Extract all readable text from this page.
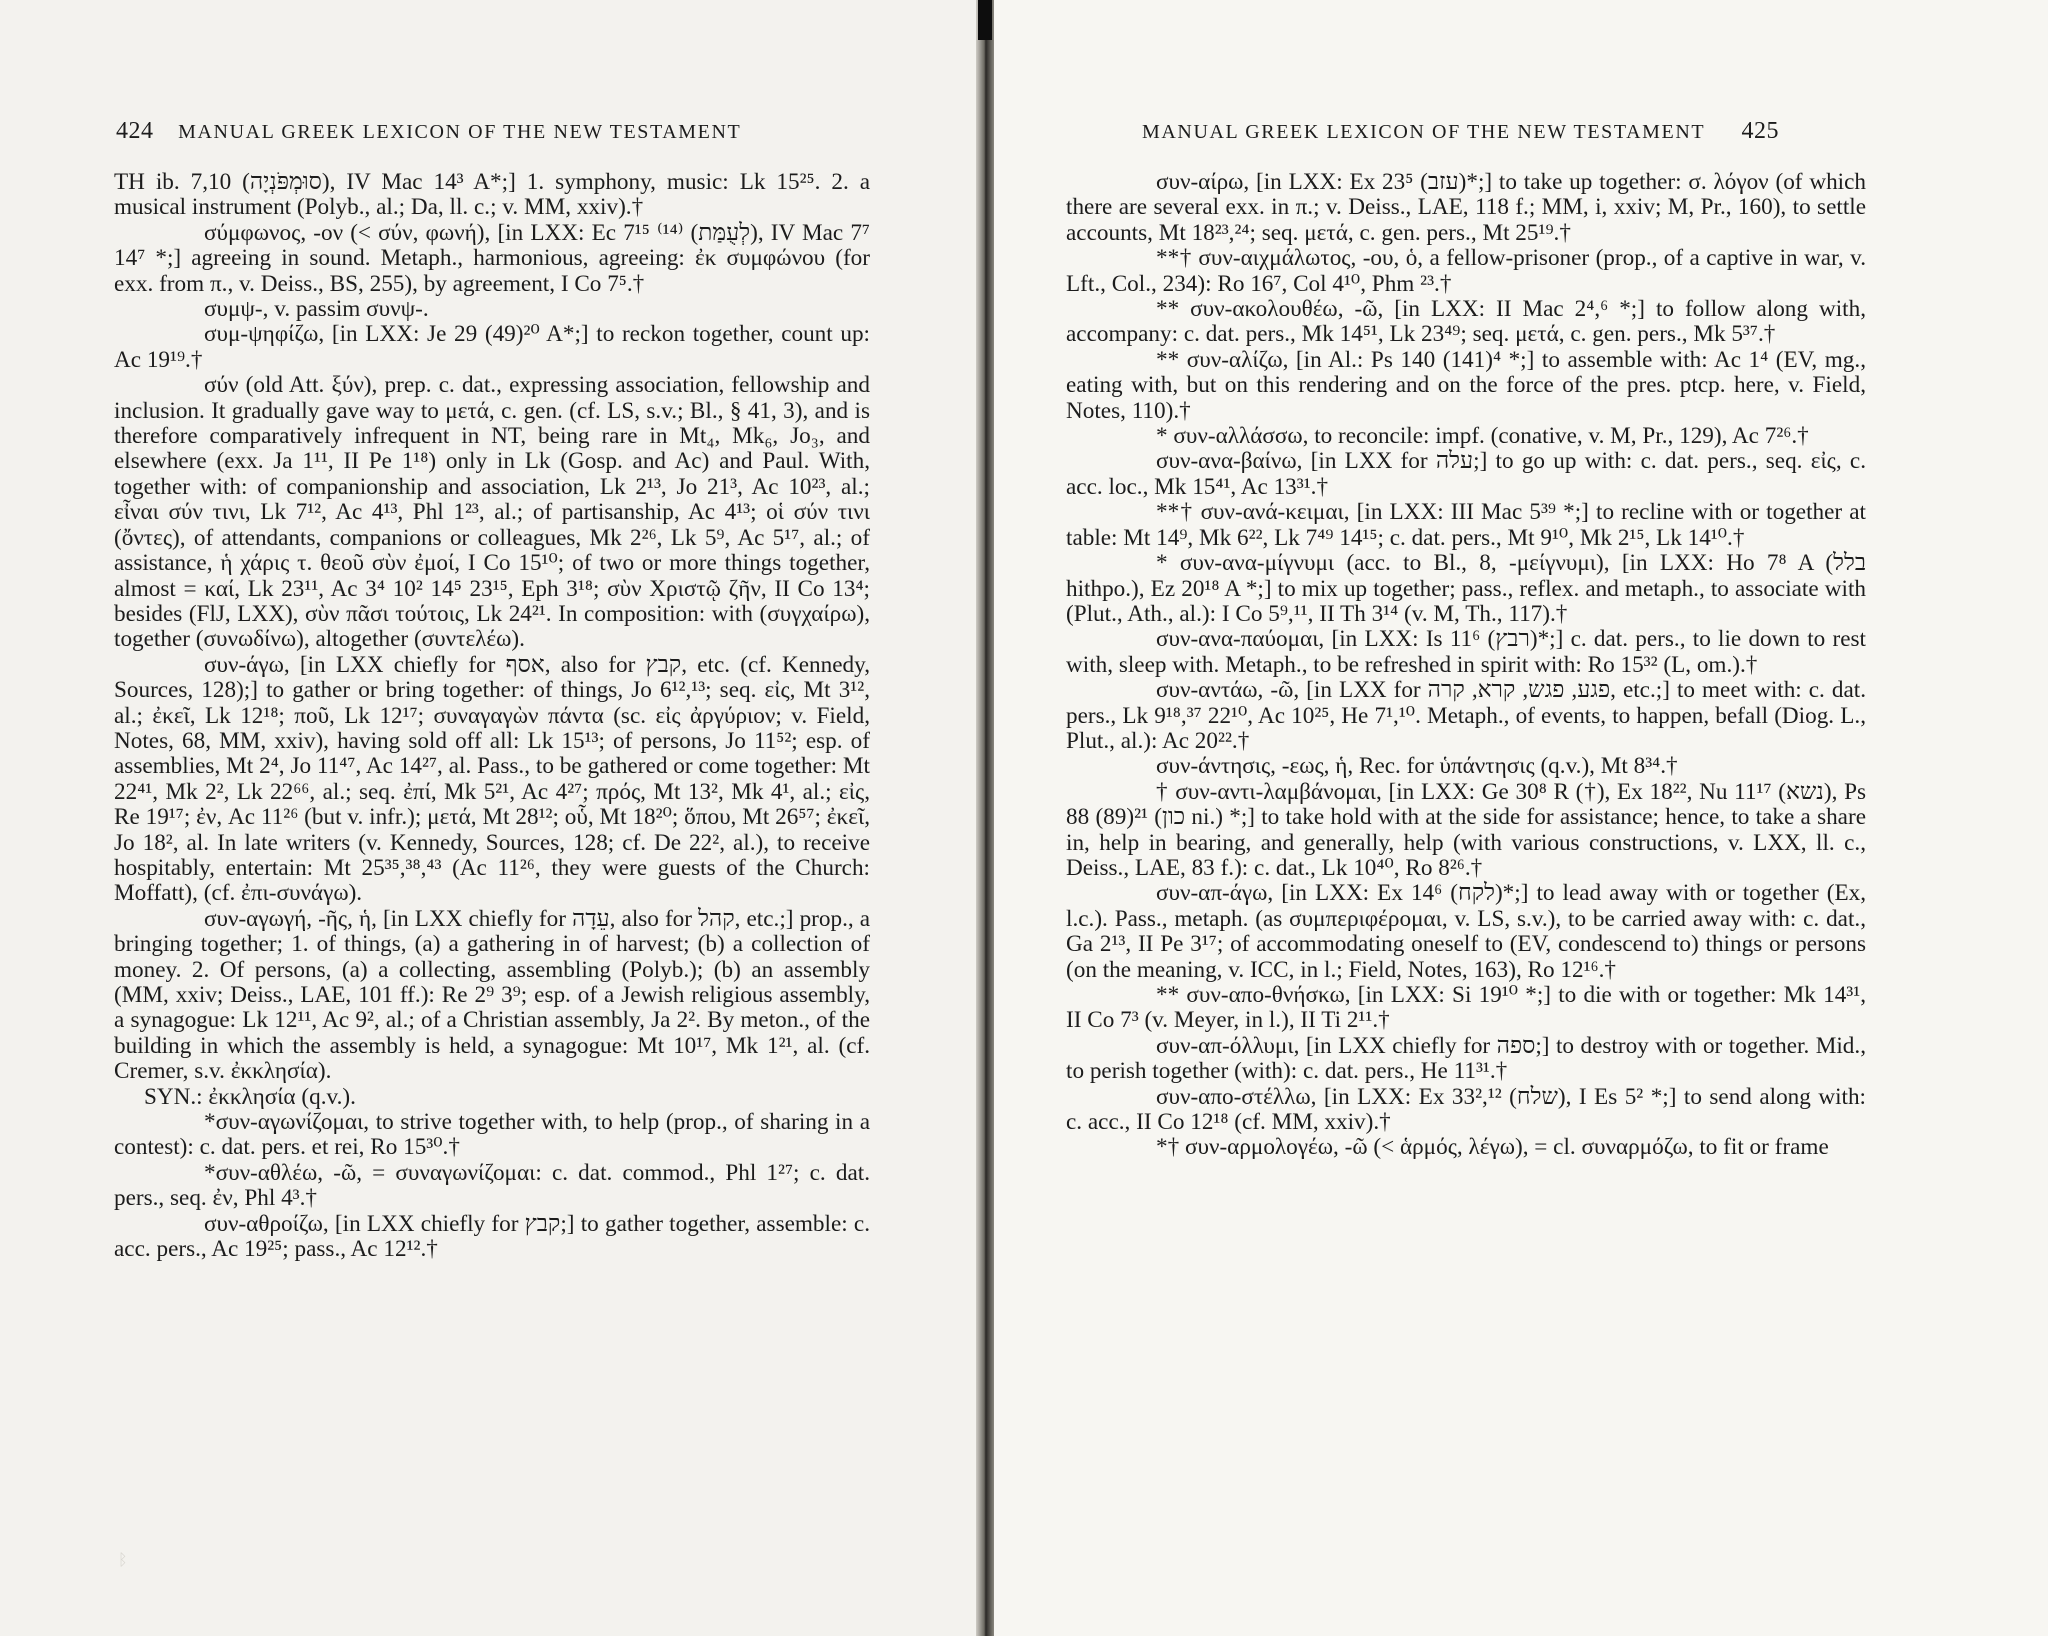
424 MANUAL GREEK LEXICON OF THE NEW TESTAMENT

TH ib. 7,10 (סוּמְפֹּנְיָה), IV Mac 14³ A*;] 1. symphony, music: Lk 15²⁵. 2. a musical instrument (Polyb., al.; Da, ll. c.; v. MM, xxiv).†

σύμφωνος, -ον (< σύν, φωνή), [in LXX: Ec 7¹⁵ ⁽¹⁴⁾ (לְעֻמַּת), IV Mac 7⁷ 14⁷ *;] agreeing in sound. Metaph., harmonious, agreeing: ἐκ συμφώνου (for exx. from π., v. Deiss., BS, 255), by agreement, I Co 7⁵.†

συμψ-, v. passim συνψ-.

συμ-ψηφίζω, [in LXX: Je 29 (49)²⁰ A*;] to reckon together, count up: Ac 19¹⁹.†

σύν (old Att. ξύν), prep. c. dat., expressing association, fellowship and inclusion. It gradually gave way to μετά, c. gen. (cf. LS, s.v.; Bl., § 41, 3), and is therefore comparatively infrequent in NT, being rare in Mt₄, Mk₆, Jo₃, and elsewhere (exx. Ja 1¹¹, II Pe 1¹⁸) only in Lk (Gosp. and Ac) and Paul. With, together with: of companionship and association, Lk 2¹³, Jo 21³, Ac 10²³, al.; εἶναι σύν τινι, Lk 7¹², Ac 4¹³, Phl 1²³, al.; of partisanship, Ac 4¹³; οἱ σύν τινι (ὄντες), of attendants, companions or colleagues, Mk 2²⁶, Lk 5⁹, Ac 5¹⁷, al.; of assistance, ἡ χάρις τ. θεοῦ σὺν ἐμοί, I Co 15¹⁰; of two or more things together, almost = καί, Lk 23¹¹, Ac 3⁴ 10² 14⁵ 23¹⁵, Eph 3¹⁸; σὺν Χριστῷ ζῆν, II Co 13⁴; besides (FlJ, LXX), σὺν πᾶσι τούτοις, Lk 24²¹. In composition: with (συγχαίρω), together (συνωδίνω), altogether (συντελέω).

συν-άγω, [in LXX chiefly for אסף, also for קבץ, etc. (cf. Kennedy, Sources, 128);] to gather or bring together: of things, Jo 6¹²,¹³; seq. εἰς, Mt 3¹², al.; ἐκεῖ, Lk 12¹⁸; ποῦ, Lk 12¹⁷; συναγαγὼν πάντα (sc. εἰς ἀργύριον; v. Field, Notes, 68, MM, xxiv), having sold off all: Lk 15¹³; of persons, Jo 11⁵²; esp. of assemblies, Mt 2⁴, Jo 11⁴⁷, Ac 14²⁷, al. Pass., to be gathered or come together: Mt 22⁴¹, Mk 2², Lk 22⁶⁶, al.; seq. ἐπί, Mk 5²¹, Ac 4²⁷; πρός, Mt 13², Mk 4¹, al.; εἰς, Re 19¹⁷; ἐν, Ac 11²⁶ (but v. infr.); μετά, Mt 28¹²; οὗ, Mt 18²⁰; ὅπου, Mt 26⁵⁷; ἐκεῖ, Jo 18², al. In late writers (v. Kennedy, Sources, 128; cf. De 22², al.), to receive hospitably, entertain: Mt 25³⁵,³⁸,⁴³ (Ac 11²⁶, they were guests of the Church: Moffatt), (cf. ἐπι-συνάγω).

συν-αγωγή, -ῆς, ἡ, [in LXX chiefly for עֵדָה, also for קהל, etc.;] prop., a bringing together; 1. of things, (a) a gathering in of harvest; (b) a collection of money. 2. Of persons, (a) a collecting, assembling (Polyb.); (b) an assembly (MM, xxiv; Deiss., LAE, 101 ff.): Re 2⁹ 3⁹; esp. of a Jewish religious assembly, a synagogue: Lk 12¹¹, Ac 9², al.; of a Christian assembly, Ja 2². By meton., of the building in which the assembly is held, a synagogue: Mt 10¹⁷, Mk 1²¹, al. (cf. Cremer, s.v. ἐκκλησία).

SYN.: ἐκκλησία (q.v.).

*συν-αγωνίζομαι, to strive together with, to help (prop., of sharing in a contest): c. dat. pers. et rei, Ro 15³⁰.†

*συν-αθλέω, -ῶ, = συναγωνίζομαι: c. dat. commod., Phl 1²⁷; c. dat. pers., seq. ἐν, Phl 4³.†

συν-αθροίζω, [in LXX chiefly for קבץ;] to gather together, assemble: c. acc. pers., Ac 19²⁵; pass., Ac 12¹².†

ᛒ
MANUAL GREEK LEXICON OF THE NEW TESTAMENT 425

συν-αίρω, [in LXX: Ex 23⁵ (עזב)*;] to take up together: σ. λόγον (of which there are several exx. in π.; v. Deiss., LAE, 118 f.; MM, i, xxiv; M, Pr., 160), to settle accounts, Mt 18²³,²⁴; seq. μετά, c. gen. pers., Mt 25¹⁹.†

**† συν-αιχμάλωτος, -ου, ὁ, a fellow-prisoner (prop., of a captive in war, v. Lft., Col., 234): Ro 16⁷, Col 4¹⁰, Phm ²³.†

** συν-ακολουθέω, -ῶ, [in LXX: II Mac 2⁴,⁶ *;] to follow along with, accompany: c. dat. pers., Mk 14⁵¹, Lk 23⁴⁹; seq. μετά, c. gen. pers., Mk 5³⁷.†

** συν-αλίζω, [in Al.: Ps 140 (141)⁴ *;] to assemble with: Ac 1⁴ (EV, mg., eating with, but on this rendering and on the force of the pres. ptcp. here, v. Field, Notes, 110).†

* συν-αλλάσσω, to reconcile: impf. (conative, v. M, Pr., 129), Ac 7²⁶.†

συν-ανα-βαίνω, [in LXX for עלה;] to go up with: c. dat. pers., seq. εἰς, c. acc. loc., Mk 15⁴¹, Ac 13³¹.†

**† συν-ανά-κειμαι, [in LXX: III Mac 5³⁹ *;] to recline with or together at table: Mt 14⁹, Mk 6²², Lk 7⁴⁹ 14¹⁵; c. dat. pers., Mt 9¹⁰, Mk 2¹⁵, Lk 14¹⁰.†

* συν-ανα-μίγνυμι (acc. to Bl., 8, -μείγνυμι), [in LXX: Ho 7⁸ A (בלל hithpo.), Ez 20¹⁸ A *;] to mix up together; pass., reflex. and metaph., to associate with (Plut., Ath., al.): I Co 5⁹,¹¹, II Th 3¹⁴ (v. M, Th., 117).†

συν-ανα-παύομαι, [in LXX: Is 11⁶ (רבץ)*;] c. dat. pers., to lie down to rest with, sleep with. Metaph., to be refreshed in spirit with: Ro 15³² (L, om.).†

συν-αντάω, -ῶ, [in LXX for פגע, פגש, קרא, קרה, etc.;] to meet with: c. dat. pers., Lk 9¹⁸,³⁷ 22¹⁰, Ac 10²⁵, He 7¹,¹⁰. Metaph., of events, to happen, befall (Diog. L., Plut., al.): Ac 20²².†

συν-άντησις, -εως, ἡ, Rec. for ὑπάντησις (q.v.), Mt 8³⁴.†

† συν-αντι-λαμβάνομαι, [in LXX: Ge 30⁸ R (†), Ex 18²², Nu 11¹⁷ (נשא), Ps 88 (89)²¹ (כון ni.) *;] to take hold with at the side for assistance; hence, to take a share in, help in bearing, and generally, help (with various constructions, v. LXX, ll. c., Deiss., LAE, 83 f.): c. dat., Lk 10⁴⁰, Ro 8²⁶.†

συν-απ-άγω, [in LXX: Ex 14⁶ (לקח)*;] to lead away with or together (Ex, l.c.). Pass., metaph. (as συμπεριφέρομαι, v. LS, s.v.), to be carried away with: c. dat., Ga 2¹³, II Pe 3¹⁷; of accommodating oneself to (EV, condescend to) things or persons (on the meaning, v. ICC, in l.; Field, Notes, 163), Ro 12¹⁶.†

** συν-απο-θνήσκω, [in LXX: Si 19¹⁰ *;] to die with or together: Mk 14³¹, II Co 7³ (v. Meyer, in l.), II Ti 2¹¹.†

συν-απ-όλλυμι, [in LXX chiefly for ספה;] to destroy with or together. Mid., to perish together (with): c. dat. pers., He 11³¹.†

συν-απο-στέλλω, [in LXX: Ex 33²,¹² (שלח), I Es 5² *;] to send along with: c. acc., II Co 12¹⁸ (cf. MM, xxiv).†

*† συν-αρμολογέω, -ῶ (< ἁρμός, λέγω), = cl. συναρμόζω, to fit or frame
